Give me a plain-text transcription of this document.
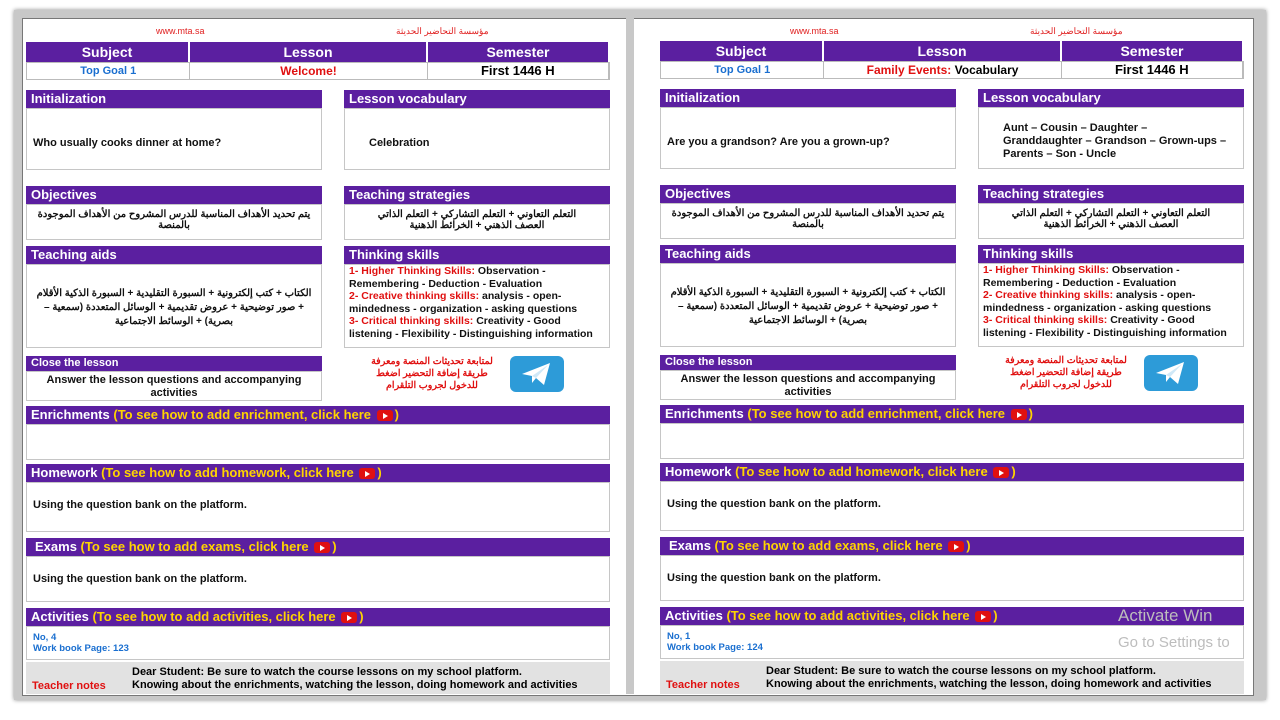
www.mta.sa	مؤسسة التحاضير الحديثة
Subject	Lesson	Semester
Top Goal 1	Welcome!	First 1446 H
Initialization
Who usually cooks dinner at home?
Lesson vocabulary
Celebration
Objectives
يتم تحديد الأهداف المناسبة للدرس المشروح من الأهداف الموجودة بالمنصة
Teaching strategies
التعلم التعاوني + التعلم التشاركي + التعلم الذاتي العصف الذهني + الخرائط الذهنية
Teaching aids
الكتاب + كتب إلكترونية + السبورة التقليدية + السبورة الذكية الأقلام + صور توضيحية + عروض تقديمية + الوسائل المتعددة (سمعية – بصرية) + الوسائط الاجتماعية
Thinking skills
1- Higher Thinking Skills: Observation - Remembering - Deduction - Evaluation
2- Creative thinking skills: analysis - open-mindedness - organization - asking questions
3- Critical thinking skills: Creativity - Good listening - Flexibility - Distinguishing information
Close the lesson
Answer the lesson questions and accompanying activities
لمتابعة تحديثات المنصة ومعرفة طريقة إضافة التحضير اضغط للدخول لجروب التلقرام
Enrichments (To see how to add enrichment, click here )
Homework (To see how to add homework, click here )
Using the question bank on the platform.
Exams (To see how to add exams, click here )
Using the question bank on the platform.
Activities (To see how to add activities, click here )
No, 4
Work book Page: 123
Teacher notes
Dear Student: Be sure to watch the course lessons on my school platform.
Knowing about the enrichments, watching the lesson, doing homework and activities
www.mta.sa	مؤسسة التحاضير الحديثة
Subject	Lesson	Semester
Top Goal 1	Family Events: Vocabulary	First 1446 H
Initialization
Are you a grandson? Are you a grown-up?
Lesson vocabulary
Aunt – Cousin – Daughter – Granddaughter – Grandson – Grown-ups – Parents – Son - Uncle
Objectives
يتم تحديد الأهداف المناسبة للدرس المشروح من الأهداف الموجودة بالمنصة
Teaching strategies
التعلم التعاوني + التعلم التشاركي + التعلم الذاتي العصف الذهني + الخرائط الذهنية
Teaching aids
الكتاب + كتب إلكترونية + السبورة التقليدية + السبورة الذكية الأقلام + صور توضيحية + عروض تقديمية + الوسائل المتعددة (سمعية – بصرية) + الوسائط الاجتماعية
Thinking skills
1- Higher Thinking Skills: Observation - Remembering - Deduction - Evaluation
2- Creative thinking skills: analysis - open-mindedness - organization - asking questions
3- Critical thinking skills: Creativity - Good listening - Flexibility - Distinguishing information
Close the lesson
Answer the lesson questions and accompanying activities
لمتابعة تحديثات المنصة ومعرفة طريقة إضافة التحضير اضغط للدخول لجروب التلقرام
Enrichments (To see how to add enrichment, click here )
Homework (To see how to add homework, click here )
Using the question bank on the platform.
Exams (To see how to add exams, click here )
Using the question bank on the platform.
Activities (To see how to add activities, click here )
No, 1
Work book Page: 124
Teacher notes
Dear Student: Be sure to watch the course lessons on my school platform.
Knowing about the enrichments, watching the lesson, doing homework and activities
Activate Win
Go to Settings to
